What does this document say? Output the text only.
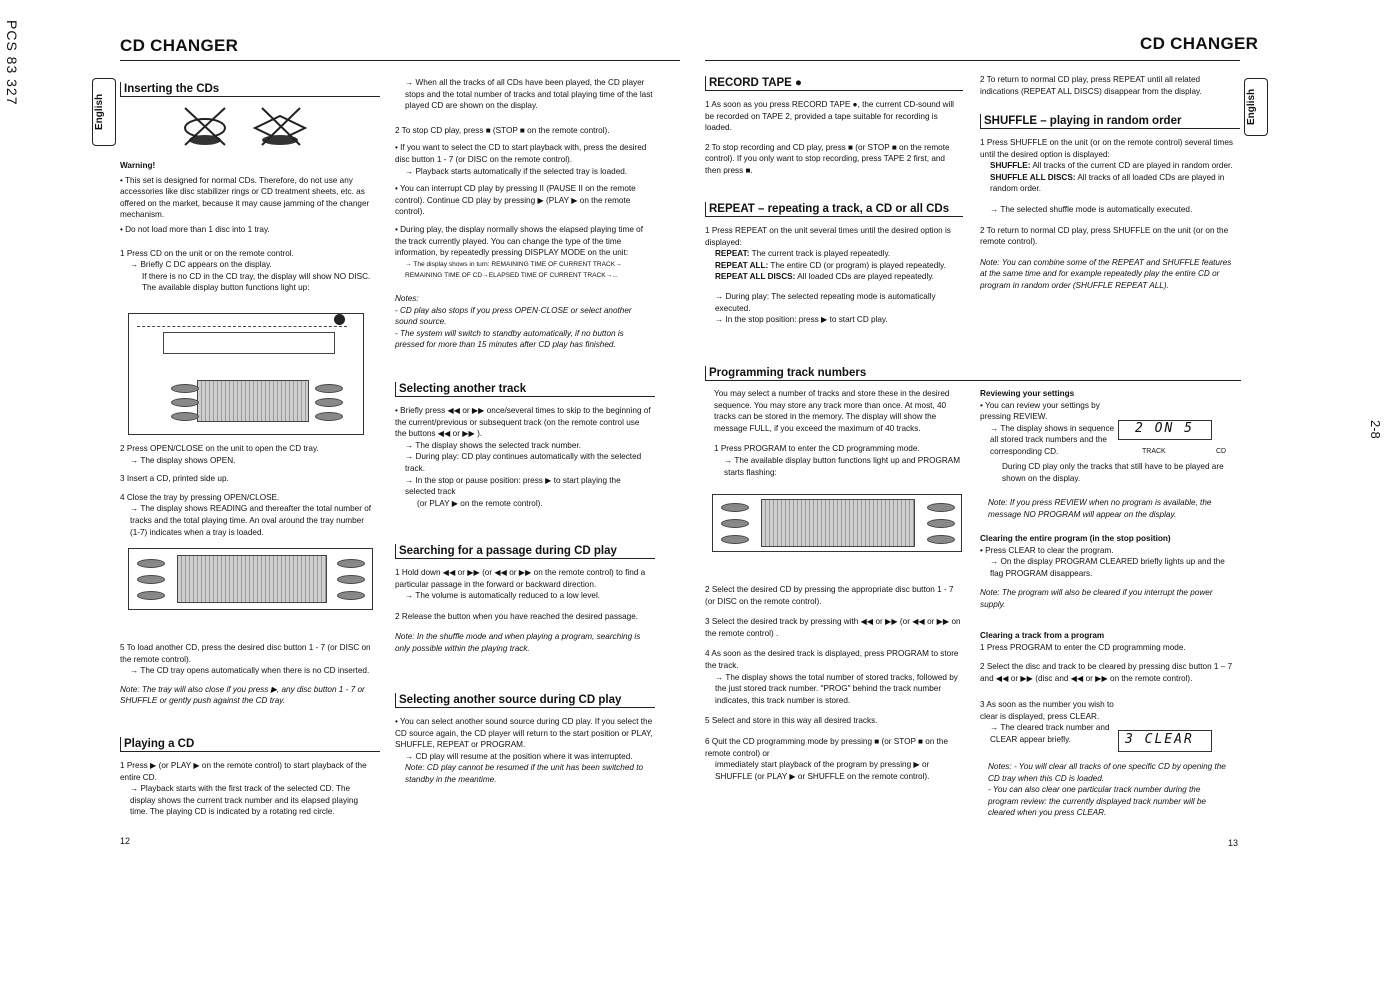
PCS 83 327	CD CHANGER
English
Inserting the CDs

Warning!

• This set is designed for normal CDs. Therefore, do not use any accessories like disc stabilizer rings or CD treatment sheets, etc. as offered on the market, because it may cause jamming of the changer mechanism.

• Do not load more than 1 disc into 1 tray.

1 Press CD on the unit or on the remote control.

→ Briefly C DC appears on the display.

If there is no CD in the CD tray, the display will show NO DISC.

The available display button functions light up:

2 Press OPEN/CLOSE on the unit to open the CD tray.

→ The display shows OPEN.

3 Insert a CD, printed side up.

4 Close the tray by pressing OPEN/CLOSE.

→ The display shows READING and thereafter the total number of tracks and the total playing time. An oval around the tray number (1-7) indicates when a tray is loaded.

5 To load another CD, press the desired disc button 1 - 7 (or DISC on the remote control).

→ The CD tray opens automatically when there is no CD inserted.

Note: The tray will also close if you press ▶, any disc button 1 - 7 or SHUFFLE or gently push against the CD tray.

Playing a CD

1 Press ▶ (or PLAY ▶ on the remote control) to start playback of the entire CD.

→ Playback starts with the first track of the selected CD. The display shows the current track number and its elapsed playing time. The playing CD is indicated by a rotating red circle.

12

→ When all the tracks of all CDs have been played, the CD player stops and the total number of tracks and total playing time of the last played CD are shown on the display.

2 To stop CD play, press ■ (STOP ■ on the remote control).

• If you want to select the CD to start playback with, press the desired disc button 1 - 7 (or DISC on the remote control).

→ Playback starts automatically if the selected tray is loaded.

• You can interrupt CD play by pressing II (PAUSE II on the remote control). Continue CD play by pressing ▶ (PLAY ▶ on the remote control).

• During play, the display normally shows the elapsed playing time of the track currently played. You can change the type of the time information, by repeatedly pressing DISPLAY MODE on the unit:

→ The display shows in turn: REMAINING TIME OF CURRENT TRACK→ REMAINING TIME OF CD→ELAPSED TIME OF CURRENT TRACK→...

Notes:

- CD play also stops if you press OPEN·CLOSE or select another sound source.

- The system will switch to standby automatically, if no button is pressed for more than 15 minutes after CD play has finished.

Selecting another track

• Briefly press ◀◀ or ▶▶ once/several times to skip to the beginning of the current/previous or subsequent track (on the remote control use the buttons ◀◀ or ▶▶ ).

→ The display shows the selected track number.

→ During play: CD play continues automatically with the selected track.

→ In the stop or pause position: press ▶ to start playing the selected track

(or PLAY ▶ on the remote control).

Searching for a passage during CD play

1 Hold down ◀◀ or ▶▶ (or ◀◀ or ▶▶ on the remote control) to find a particular passage in the forward or backward direction.

→ The volume is automatically reduced to a low level.

2 Release the button when you have reached the desired passage.

Note: In the shuffle mode and when playing a program, searching is only possible within the playing track.

Selecting another source during CD play

• You can select another sound source during CD play. If you select the CD source again, the CD player will return to the start position or PLAY, SHUFFLE, REPEAT or PROGRAM.

→ CD play will resume at the position where it was interrupted.

Note: CD play cannot be resumed if the unit has been switched to standby in the meantime.

CD CHANGER
English
2-8
RECORD TAPE ●

1 As soon as you press RECORD TAPE ●, the current CD-sound will be recorded on TAPE 2, provided a tape suitable for recording is loaded.

2 To stop recording and CD play, press ■ (or STOP ■ on the remote control). If you only want to stop recording, press TAPE 2 first, and then press ■.

REPEAT – repeating a track, a CD or all CDs

1 Press REPEAT on the unit several times until the desired option is displayed:

REPEAT: The current track is played repeatedly.

REPEAT ALL: The entire CD (or program) is played repeatedly.

REPEAT ALL DISCS: All loaded CDs are played repeatedly.

→ During play: The selected repeating mode is automatically executed.

→ In the stop position: press ▶ to start CD play.

2 To return to normal CD play, press REPEAT until all related indications (REPEAT ALL DISCS) disappear from the display.

SHUFFLE – playing in random order

1 Press SHUFFLE on the unit (or on the remote control) several times until the desired option is displayed:

SHUFFLE: All tracks of the current CD are played in random order.

SHUFFLE ALL DISCS: All tracks of all loaded CDs are played in random order.

→ The selected shuffle mode is automatically executed.

2 To return to normal CD play, press SHUFFLE on the unit (or on the remote control).

Note: You can combine some of the REPEAT and SHUFFLE features at the same time and for example repeatedly play the entire CD or program in random order (SHUFFLE REPEAT ALL).

Programming track numbers

You may select a number of tracks and store these in the desired sequence. You may store any track more than once. At most, 40 tracks can be stored in the memory. The display will show the message FULL, if you exceed the maximum of 40 tracks.

1 Press PROGRAM to enter the CD programming mode.

→ The available display button functions light up and PROGRAM starts flashing:

2 Select the desired CD by pressing the appropriate disc button 1 - 7 (or DISC on the remote control).

3 Select the desired track by pressing with ◀◀ or ▶▶ (or ◀◀ or ▶▶ on the remote control) .

4 As soon as the desired track is displayed, press PROGRAM to store the track.

→ The display shows the total number of stored tracks, followed by the just stored track number. "PROG" behind the track number indicates, this track number is stored.

5 Select and store in this way all desired tracks.

6 Quit the CD programming mode by pressing ■ (or STOP ■ on the remote control) or

immediately start playback of the program by pressing ▶ or SHUFFLE (or PLAY ▶ or SHUFFLE on the remote control).

Reviewing your settings

• You can review your settings by pressing REVIEW.

→ The display shows in sequence all stored track numbers and the corresponding CD.

During CD play only the tracks that still have to be played are shown on the display.
2 ON 5
TRACK	CD
Note: If you press REVIEW when no program is available, the message NO PROGRAM will appear on the display.

Clearing the entire program (in the stop position)

• Press CLEAR to clear the program.

→ On the display PROGRAM CLEARED briefly lights up and the flag PROGRAM disappears.

Note: The program will also be cleared if you interrupt the power supply.

Clearing a track from a program

1 Press PROGRAM to enter the CD programming mode.

2 Select the disc and track to be cleared by pressing disc button 1 – 7 and ◀◀ or ▶▶ (disc and ◀◀ or ▶▶ on the remote control).

3 As soon as the number you wish to clear is displayed, press CLEAR.

→ The cleared track number and CLEAR appear briefly.	3 CLEAR

Notes: - You will clear all tracks of one specific CD by opening the CD tray when this CD is loaded.

- You can also clear one particular track number during the program review: the currently displayed track number will be cleared when you press CLEAR.

13
